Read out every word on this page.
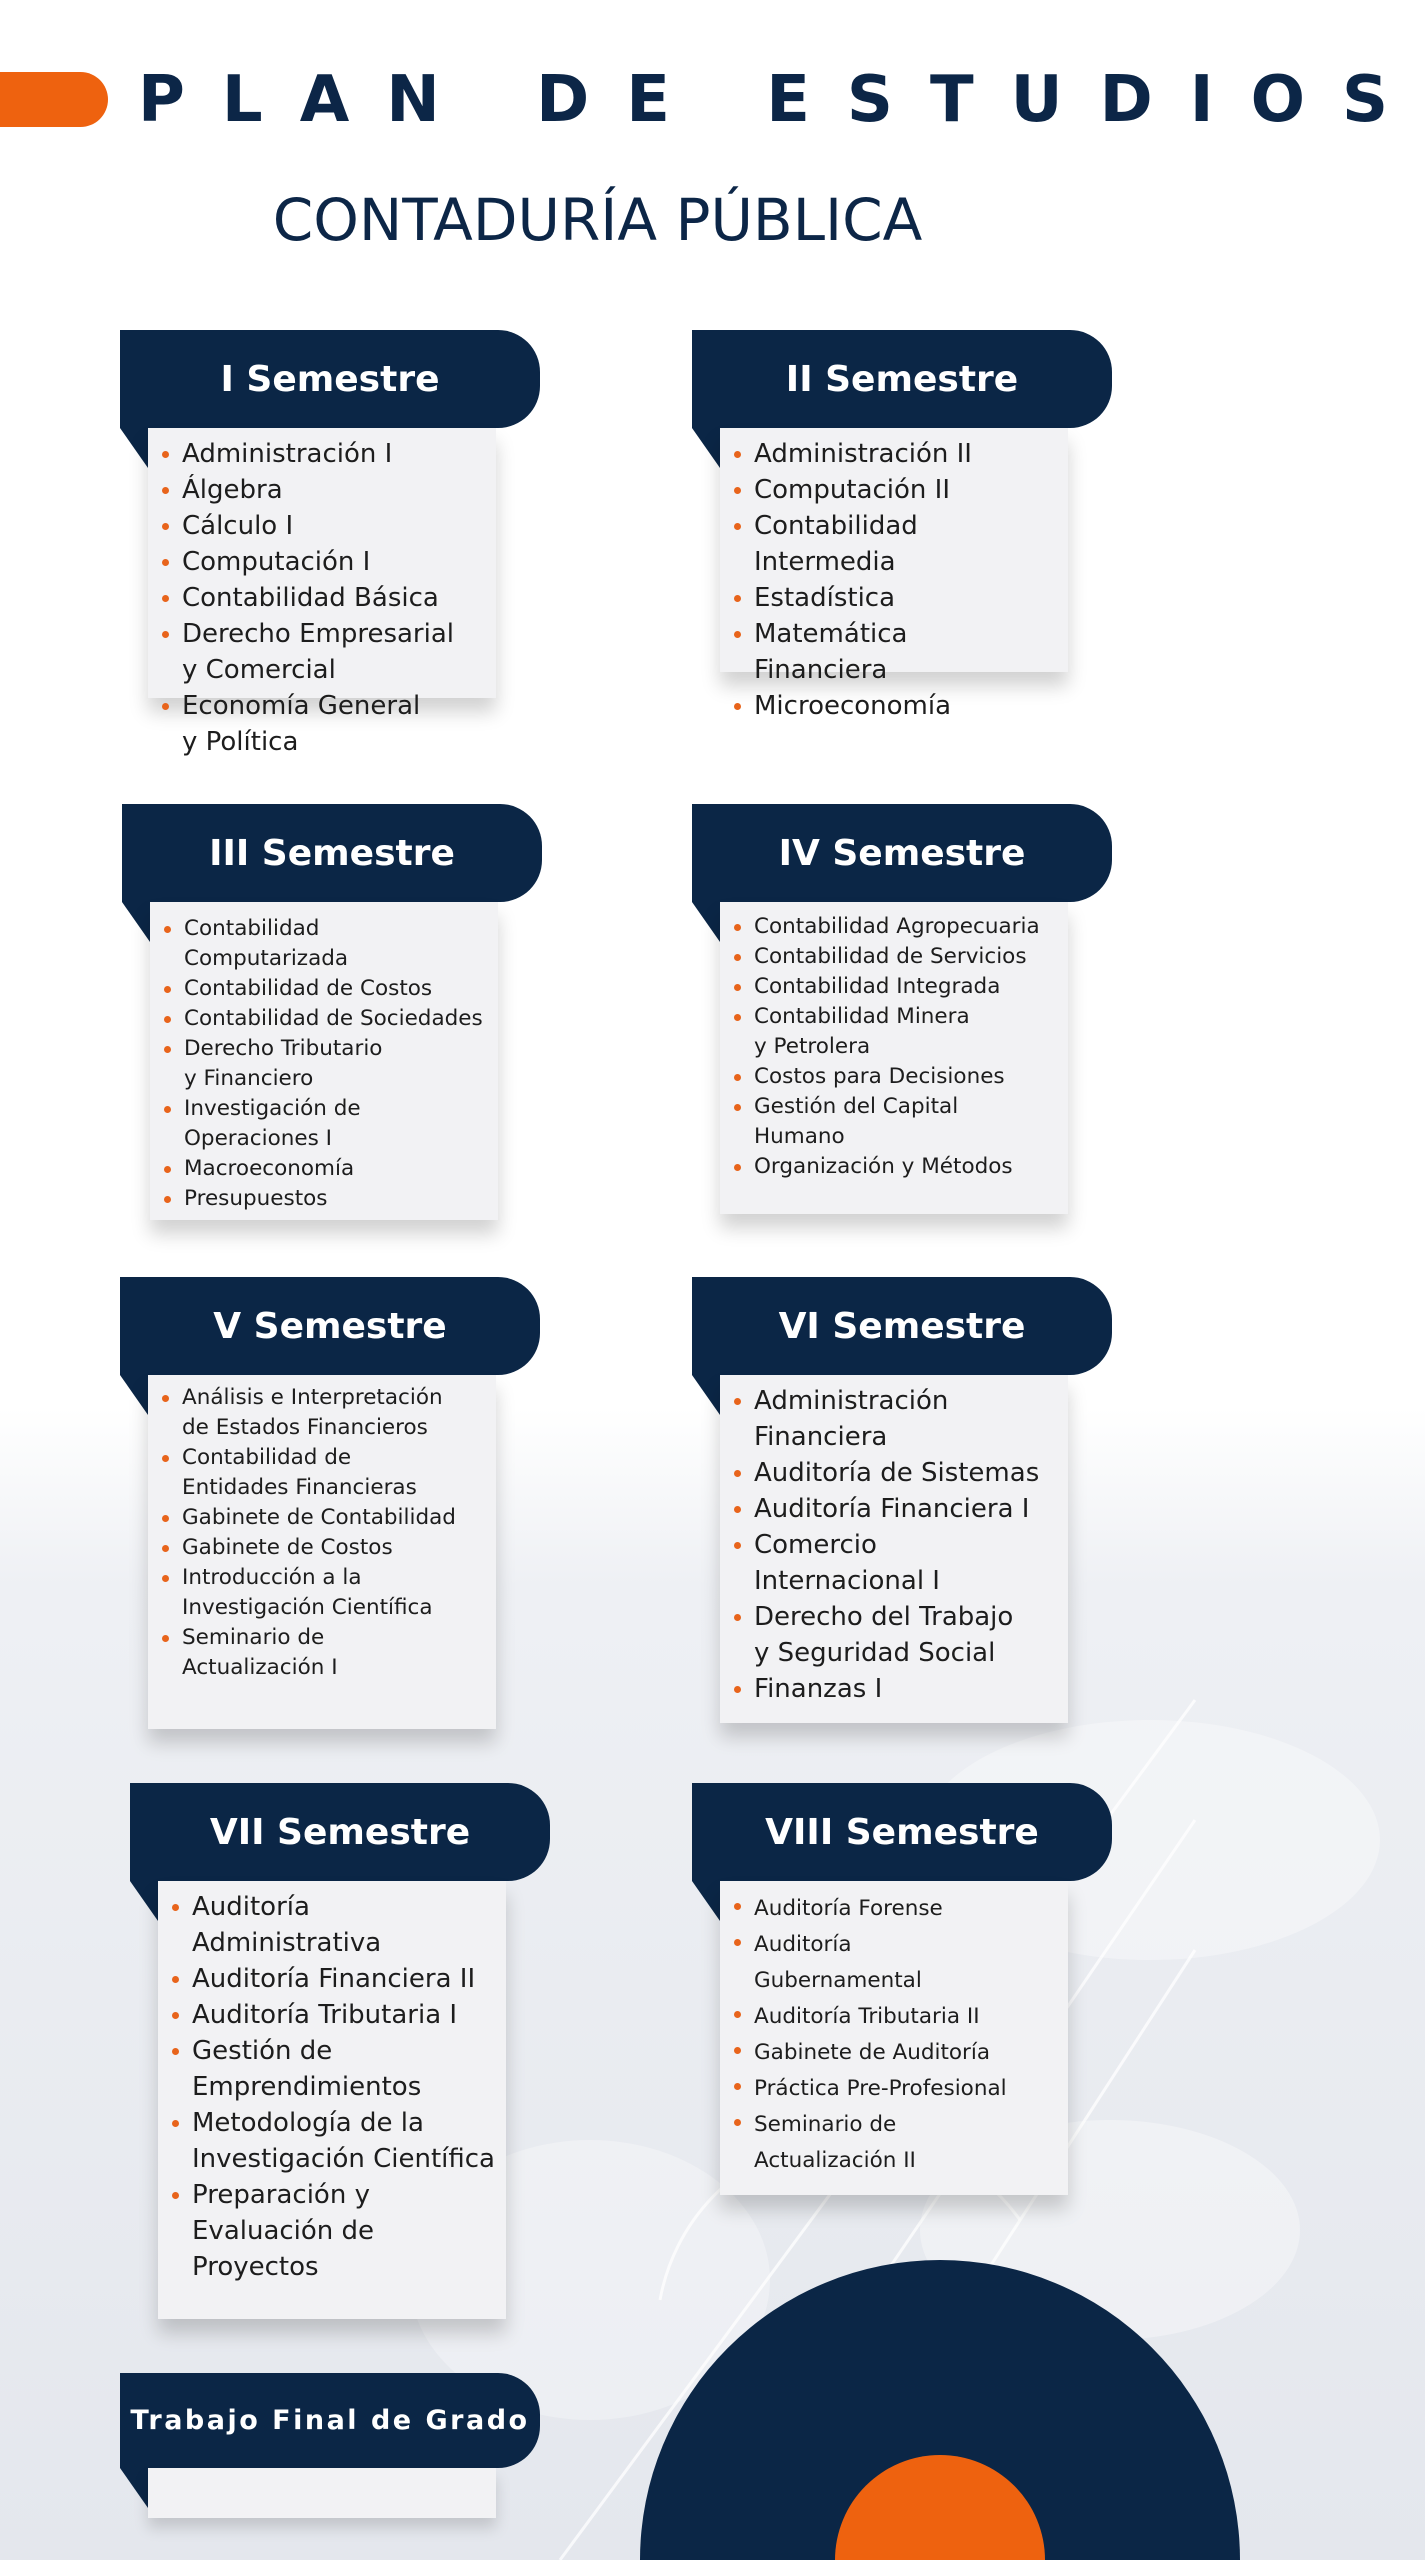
PLAN DE ESTUDIOS
CONTADURÍA PÚBLICA
I Semestre
Administración I
Álgebra
Cálculo I
Computación I
Contabilidad Básica
Derecho Empresarial
y Comercial
Economía General
y Política
II Semestre
Administración II
Computación II
Contabilidad
Intermedia
Estadística
Matemática
Financiera
Microeconomía
III Semestre
Contabilidad
Computarizada
Contabilidad de Costos
Contabilidad de Sociedades
Derecho Tributario
y Financiero
Investigación de
Operaciones I
Macroeconomía
Presupuestos
IV Semestre
Contabilidad Agropecuaria
Contabilidad de Servicios
Contabilidad Integrada
Contabilidad Minera
y Petrolera
Costos para Decisiones
Gestión del Capital
Humano
Organización y Métodos
V Semestre
Análisis e Interpretación
de Estados Financieros
Contabilidad de
Entidades Financieras
Gabinete de Contabilidad
Gabinete de Costos
Introducción a la
Investigación Científica
Seminario de
Actualización I
VI Semestre
Administración
Financiera
Auditoría de Sistemas
Auditoría Financiera I
Comercio
Internacional I
Derecho del Trabajo
y Seguridad Social
Finanzas I
VII Semestre
Auditoría
Administrativa
Auditoría Financiera II
Auditoría Tributaria I
Gestión de
Emprendimientos
Metodología de la
Investigación Científica
Preparación y
Evaluación de
Proyectos
VIII Semestre
Auditoría Forense
Auditoría
Gubernamental
Auditoría Tributaria II
Gabinete de Auditoría
Práctica Pre-Profesional
Seminario de
Actualización II
Trabajo Final de Grado
